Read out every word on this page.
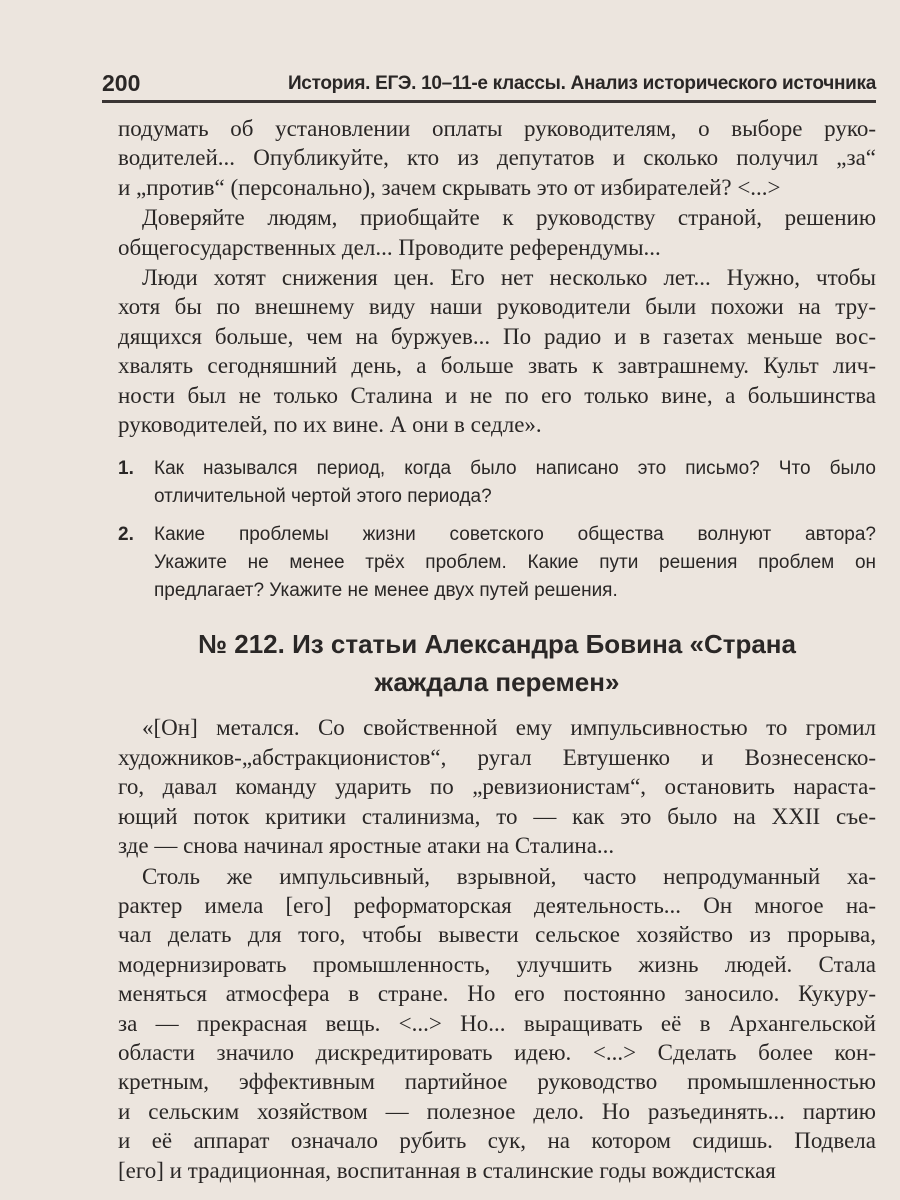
200	История. ЕГЭ. 10–11-е классы. Анализ исторического источника
подумать об установлении оплаты руководителям, о выборе руко-
водителей... Опубликуйте, кто из депутатов и сколько получил „за“
и „против“ (персонально), зачем скрывать это от избирателей? <...>
Доверяйте людям, приобщайте к руководству страной, решению
общегосударственных дел... Проводите референдумы...
Люди хотят снижения цен. Его нет несколько лет... Нужно, чтобы
хотя бы по внешнему виду наши руководители были похожи на тру-
дящихся больше, чем на буржуев... По радио и в газетах меньше вос-
хвалять сегодняшний день, а больше звать к завтрашнему. Культ лич-
ности был не только Сталина и не по его только вине, а большинства
руководителей, по их вине. А они в седле».
1. Как назывался период, когда было написано это письмо? Что было
отличительной чертой этого периода?
2. Какие проблемы жизни советского общества волнуют автора?
Укажите не менее трёх проблем. Какие пути решения проблем он
предлагает? Укажите не менее двух путей решения.
№ 212. Из статьи Александра Бовина «Страна
жаждала перемен»
«[Он] метался. Со свойственной ему импульсивностью то громил
художников-„абстракционистов“, ругал Евтушенко и Вознесенско-
го, давал команду ударить по „ревизионистам“, остановить нараста-
ющий поток критики сталинизма, то — как это было на XXII съе-
зде — снова начинал яростные атаки на Сталина...
Столь же импульсивный, взрывной, часто непродуманный ха-
рактер имела [его] реформаторская деятельность... Он многое на-
чал делать для того, чтобы вывести сельское хозяйство из прорыва,
модернизировать промышленность, улучшить жизнь людей. Стала
меняться атмосфера в стране. Но его постоянно заносило. Кукуру-
за — прекрасная вещь. <...> Но... выращивать её в Архангельской
области значило дискредитировать идею. <...> Сделать более кон-
кретным, эффективным партийное руководство промышленностью
и сельским хозяйством — полезное дело. Но разъединять... партию
и её аппарат означало рубить сук, на котором сидишь. Подвела
[его] и традиционная, воспитанная в сталинские годы вождистская
